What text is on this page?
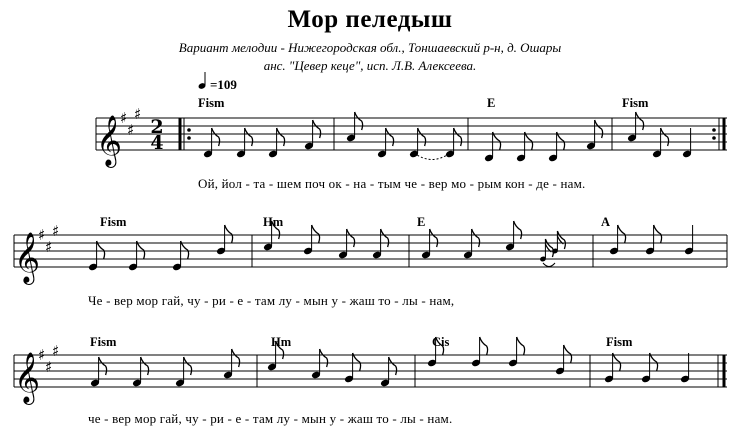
Мор пеледыш
Вариант мелодии - Нижегородская обл., Тоншаевский р-н, д. Ошары
анс. "Цевер кеце", исп. Л.В. Алексеева.
𝄞
𝄞
𝄞
♯
♯
♯
♯
♯
♯
♯
♯
♯
2
4
=109
Fism	E	Fism
Fism	Hm	E	A
Fism	Hm	Cis	Fism
Ой, йол - та - шем поч ок - на - тым че - вер мо - рым кон - де - нам.
Че - вер мор гай, чу - ри - е - там лу - мын у - жаш то - лы - нам,
че - вер мор гай, чу - ри - е - там лу - мын у - жаш то - лы - нам.
